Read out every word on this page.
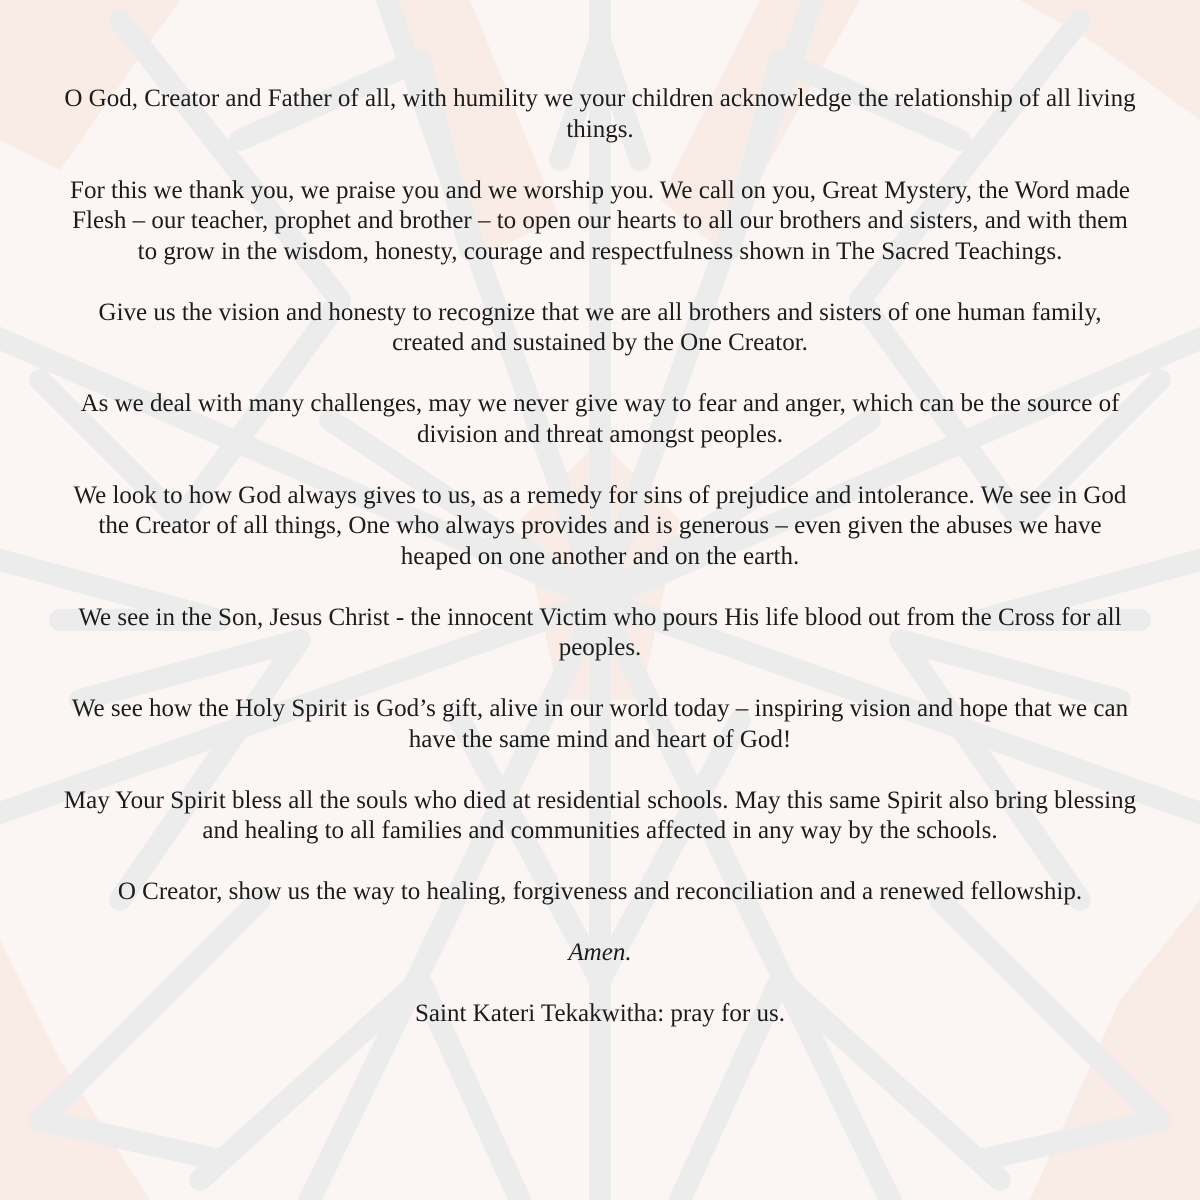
O God, Creator and Father of all, with humility we your children acknowledge the relationship of all living things.

For this we thank you, we praise you and we worship you. We call on you, Great Mystery, the Word made Flesh – our teacher, prophet and brother – to open our hearts to all our brothers and sisters, and with them to grow in the wisdom, honesty, courage and respectfulness shown in The Sacred Teachings.

Give us the vision and honesty to recognize that we are all brothers and sisters of one human family, created and sustained by the One Creator.

As we deal with many challenges, may we never give way to fear and anger, which can be the source of division and threat amongst peoples.

We look to how God always gives to us, as a remedy for sins of prejudice and intolerance. We see in God the Creator of all things, One who always provides and is generous – even given the abuses we have heaped on one another and on the earth.

We see in the Son, Jesus Christ - the innocent Victim who pours His life blood out from the Cross for all peoples.

We see how the Holy Spirit is God’s gift, alive in our world today – inspiring vision and hope that we can have the same mind and heart of God!

May Your Spirit bless all the souls who died at residential schools. May this same Spirit also bring blessing and healing to all families and communities affected in any way by the schools.

O Creator, show us the way to healing, forgiveness and reconciliation and a renewed fellowship.

Amen.

Saint Kateri Tekakwitha: pray for us.
